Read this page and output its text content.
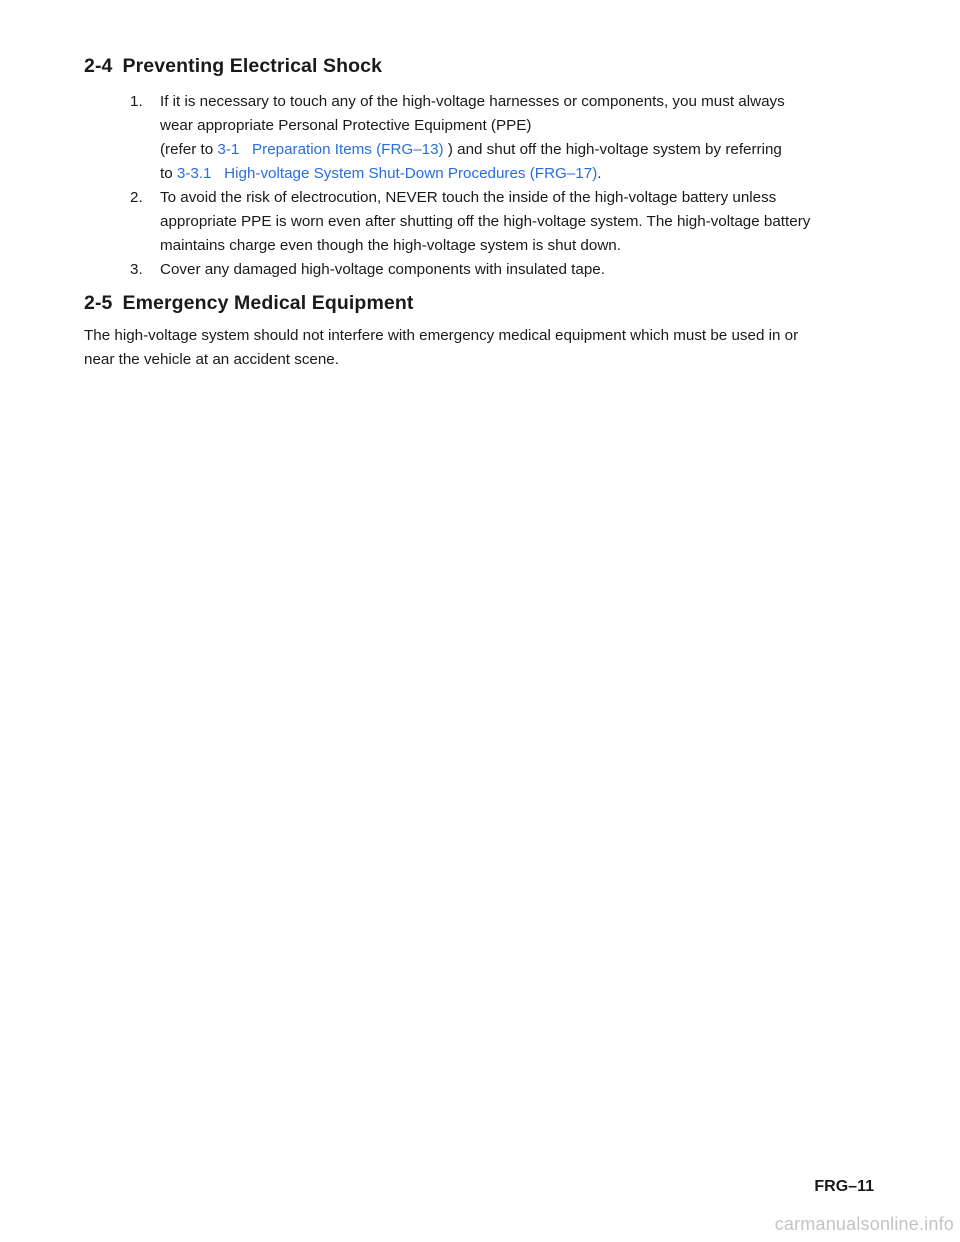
2-4 Preventing Electrical Shock
1. If it is necessary to touch any of the high-voltage harnesses or components, you must always
wear appropriate Personal Protective Equipment (PPE)
(refer to 3-1   Preparation Items (FRG–13) ) and shut off the high-voltage system by referring
to 3-3.1   High-voltage System Shut-Down Procedures (FRG–17).
2. To avoid the risk of electrocution, NEVER touch the inside of the high-voltage battery unless
appropriate PPE is worn even after shutting off the high-voltage system. The high-voltage battery
maintains charge even though the high-voltage system is shut down.
3. Cover any damaged high-voltage components with insulated tape.
2-5 Emergency Medical Equipment
The high-voltage system should not interfere with emergency medical equipment which must be used in or
near the vehicle at an accident scene.
FRG–11
carmanualsonline.info
